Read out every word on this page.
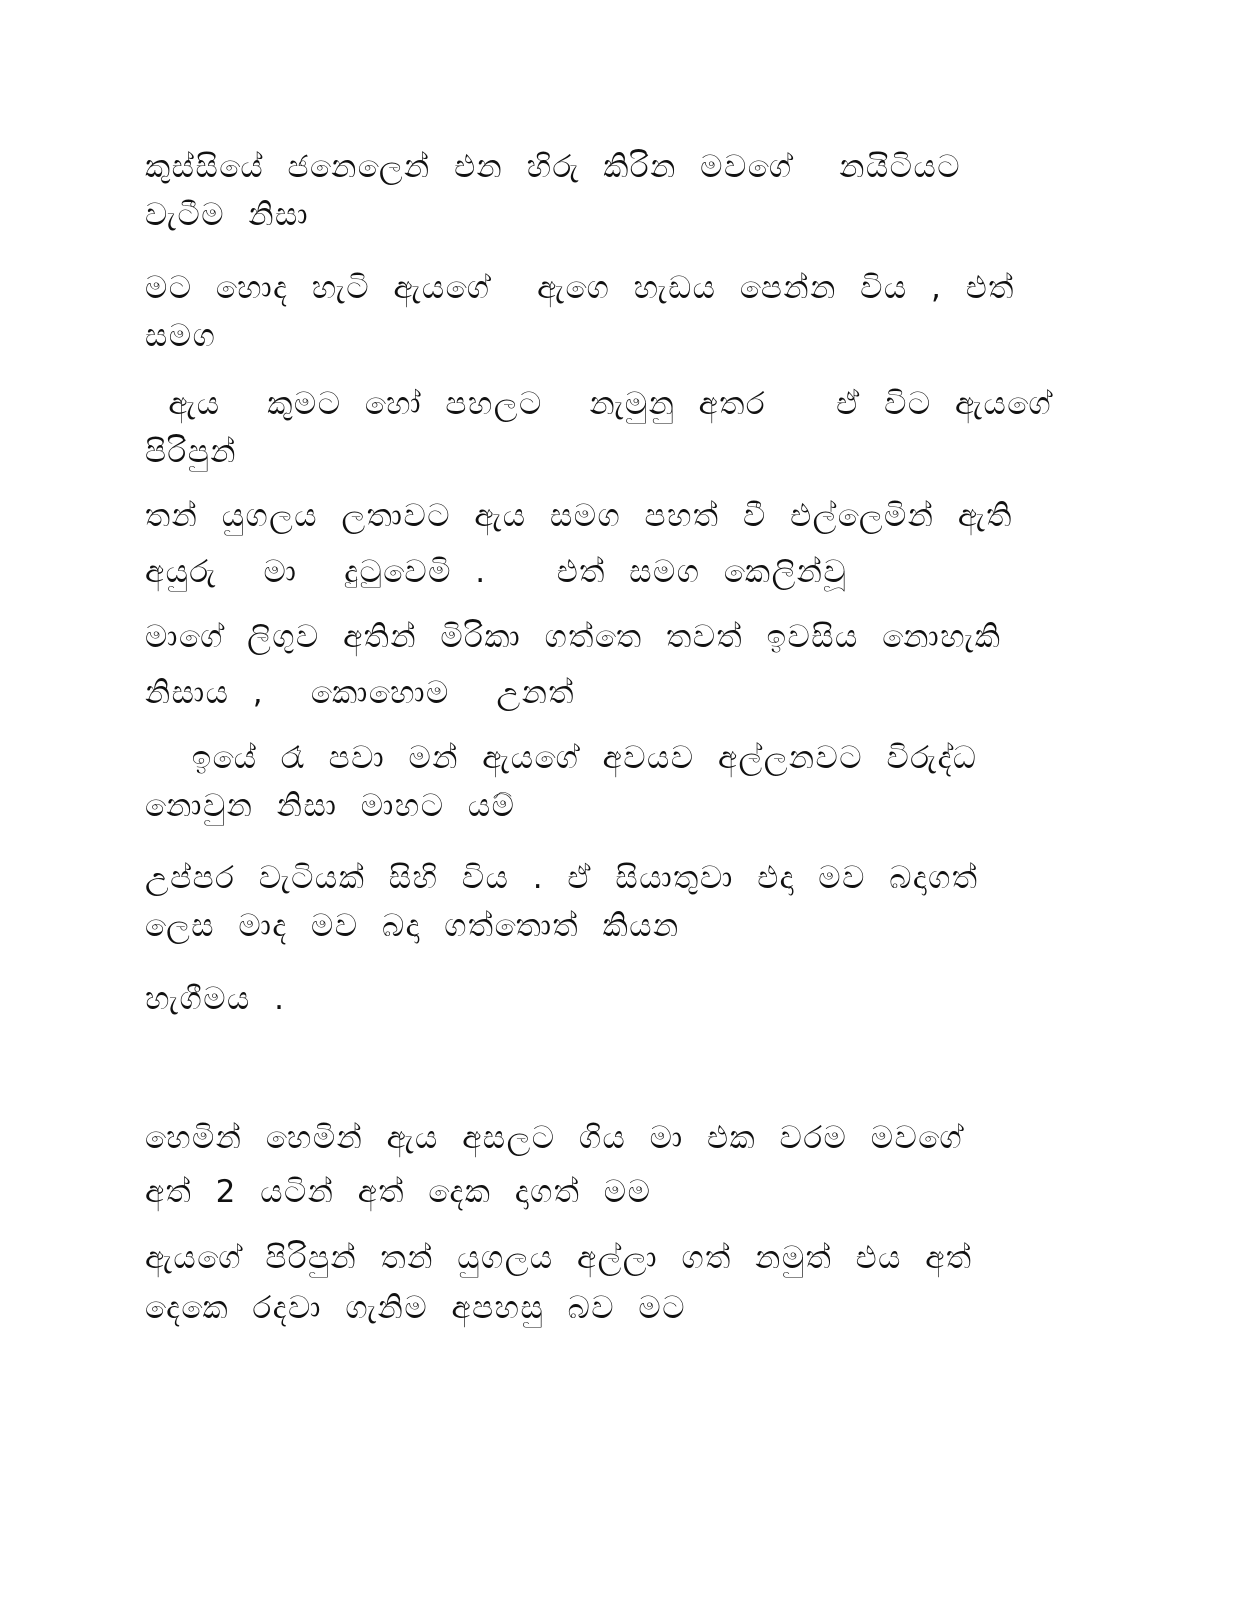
කුස්සියේ ජනෙලෙන් එන හිරු කිරින මවගේ  නයිටියට
වැටීම නිසා
මට හොද හැටි ඇයගේ  ඇගෙ හැඩය පෙන්න විය , එත්
සමග
ඇය  කුමට හෝ පහලට  නැමුනු අතර   ඒ විට ඇයගේ
පිරිපුන්
තන් යුගලය ලතාවට ඇය සමග පහත් වී එල්ලෙමින් ඇති
අයුරු  මා  දුටුවෙමි .   එත් සමග කෙලින්වූ
මාගේ ලිගුව අතින් මිරිකා ගත්තෙ තවත් ඉවසිය නොහැකි
නිසාය ,  කොහොම  උනත්
ඉයේ රෑ පවා මන් ඇයගේ අවයව අල්ලනවට විරුද්ධ
නොවුන නිසා මාහට යම්
උප්පර වැටියක් සිහි විය . ඒ සියාතුවා එදා මව බදාගත්
ලෙස මාද මව බදා ගත්තොත් කියන
හැගීමය .
හෙමින් හෙමින් ඇය අසලට ගිය මා එක වරම මවගේ
අත් 2 යටින් අත් දෙක දාගත් මම
ඇයගේ පිරිපුන් තන් යුගලය අල්ලා ගත් නමුත් එය අත්
දෙකෙ රදවා ගැනිම අපහසු බව මට
